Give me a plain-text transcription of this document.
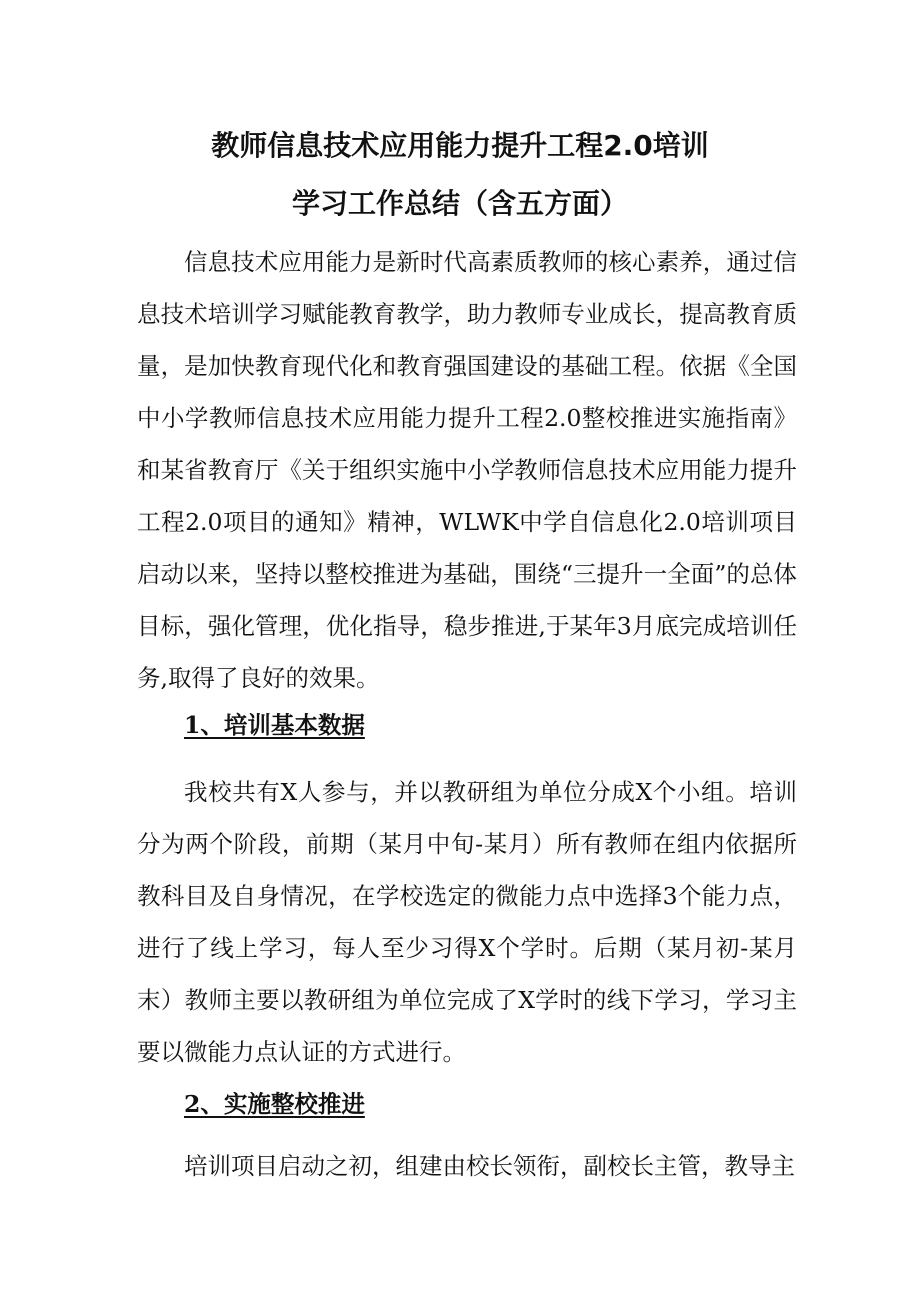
教师信息技术应用能力提升工程2.0培训
学习工作总结（含五方面）

信息技术应用能力是新时代高素质教师的核心素养，通过信息技术培训学习赋能教育教学，助力教师专业成长，提高教育质量，是加快教育现代化和教育强国建设的基础工程。依据《全国中小学教师信息技术应用能力提升工程2.0整校推进实施指南》和某省教育厅《关于组织实施中小学教师信息技术应用能力提升工程2.0项目的通知》精神，WLWK中学自信息化2.0培训项目启动以来，坚持以整校推进为基础，围绕“三提升一全面”的总体目标，强化管理，优化指导，稳步推进,于某年3月底完成培训任务,取得了良好的效果。

1、培训基本数据

我校共有X人参与，并以教研组为单位分成X个小组。培训分为两个阶段，前期（某月中旬-某月）所有教师在组内依据所教科目及自身情况，在学校选定的微能力点中选择3个能力点，进行了线上学习，每人至少习得X个学时。后期（某月初-某月末）教师主要以教研组为单位完成了X学时的线下学习，学习主要以微能力点认证的方式进行。

2、实施整校推进

培训项目启动之初，组建由校长领衔，副校长主管，教导主
